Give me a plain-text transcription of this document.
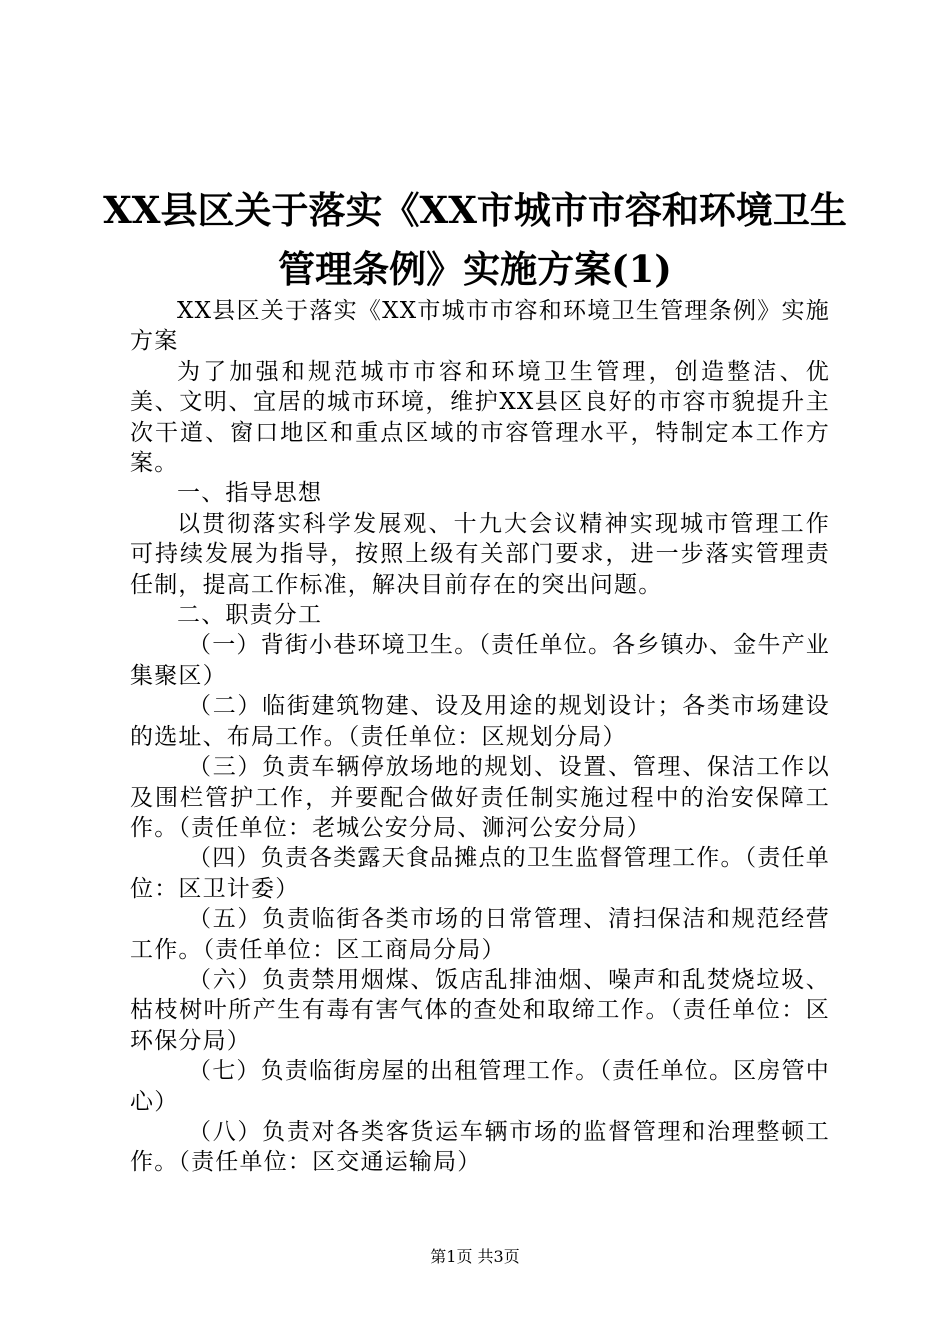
XX县区关于落实《XX市城市市容和环境卫生
管理条例》实施方案(1)

XX县区关于落实《XX市城市市容和环境卫生管理条例》实施方案

为了加强和规范城市市容和环境卫生管理，创造整洁、优美、文明、宜居的城市环境，维护XX县区良好的市容市貌提升主次干道、窗口地区和重点区域的市容管理水平，特制定本工作方案。

一、指导思想

以贯彻落实科学发展观、十九大会议精神实现城市管理工作可持续发展为指导，按照上级有关部门要求，进一步落实管理责任制，提高工作标准，解决目前存在的突出问题。

二、职责分工

（一）背街小巷环境卫生。（责任单位。各乡镇办、金牛产业集聚区）

（二）临街建筑物建、设及用途的规划设计；各类市场建设的选址、布局工作。（责任单位：区规划分局）

（三）负责车辆停放场地的规划、设置、管理、保洁工作以及围栏管护工作，并要配合做好责任制实施过程中的治安保障工作。（责任单位：老城公安分局、浉河公安分局）

（四）负责各类露天食品摊点的卫生监督管理工作。（责任单位：区卫计委）

（五）负责临街各类市场的日常管理、清扫保洁和规范经营工作。（责任单位：区工商局分局）

（六）负责禁用烟煤、饭店乱排油烟、噪声和乱焚烧垃圾、枯枝树叶所产生有毒有害气体的查处和取缔工作。（责任单位：区环保分局）

（七）负责临街房屋的出租管理工作。（责任单位。区房管中心）

（八）负责对各类客货运车辆市场的监督管理和治理整顿工作。（责任单位：区交通运输局）

第1页 共3页
